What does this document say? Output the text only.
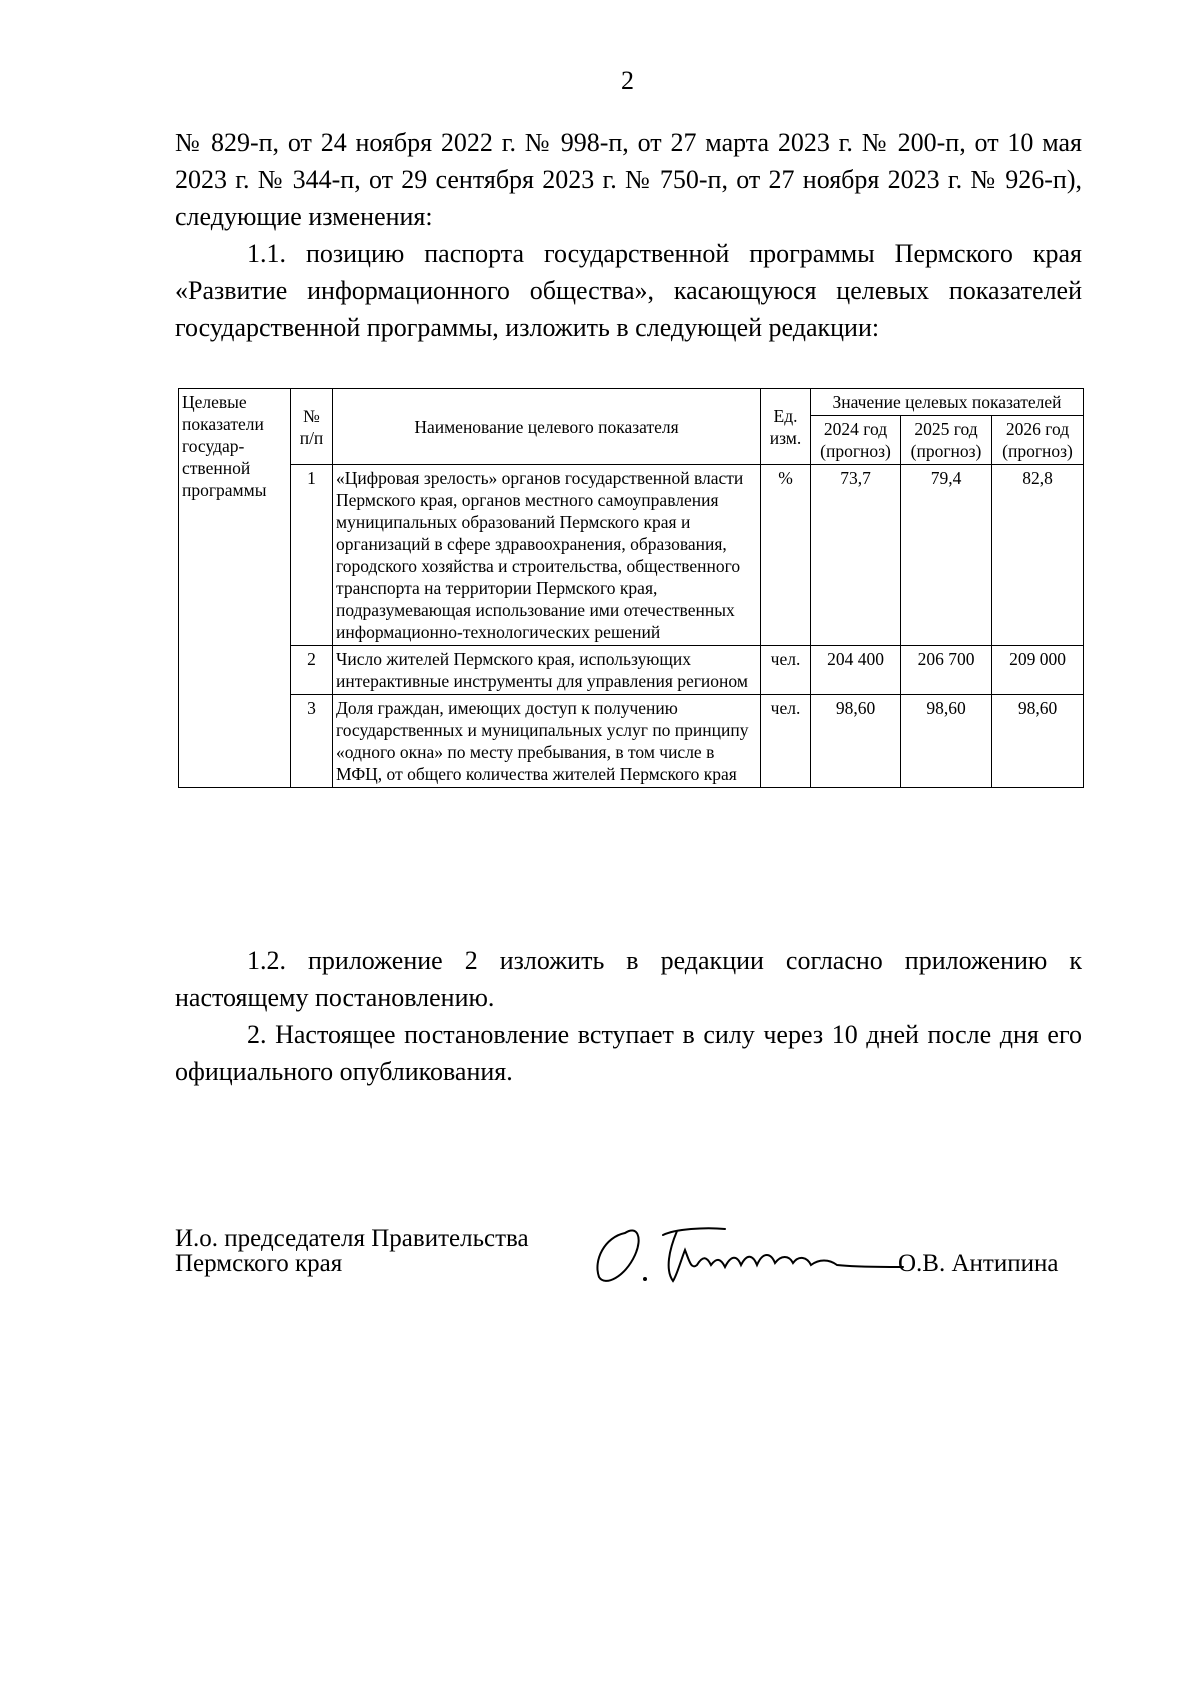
2

№ 829-п, от 24 ноября 2022 г. № 998-п, от 27 марта 2023 г. № 200-п, от 10 мая 2023 г. № 344-п, от 29 сентября 2023 г. № 750-п, от 27 ноября 2023 г. № 926-п), следующие изменения:

1.1. позицию паспорта государственной программы Пермского края «Развитие информационного общества», касающуюся целевых показателей государственной программы, изложить в следующей редакции:

Целевые показатели государ-ственной программы	№ п/п	Наименование целевого показателя	Ед. изм.	Значение целевых показателей		
				2024 год (прогноз)	2025 год (прогноз)	2026 год (прогноз)
	1	«Цифровая зрелость» органов государственной власти Пермского края, органов местного самоуправления муниципальных образований Пермского края и организаций в сфере здравоохранения, образования, городского хозяйства и строительства, общественного транспорта на территории Пермского края, подразумевающая использование ими отечественных информационно-технологических решений	%	73,7	79,4	82,8
	2	Число жителей Пермского края, использующих интерактивные инструменты для управления регионом	чел.	204 400	206 700	209 000
	3	Доля граждан, имеющих доступ к получению государственных и муниципальных услуг по принципу «одного окна» по месту пребывания, в том числе в МФЦ, от общего количества жителей Пермского края	чел.	98,60	98,60	98,60

1.2. приложение 2 изложить в редакции согласно приложению к настоящему постановлению.

2. Настоящее постановление вступает в силу через 10 дней после дня его официального опубликования.

И.о. председателя Правительства
Пермского края	О.В. Антипина
